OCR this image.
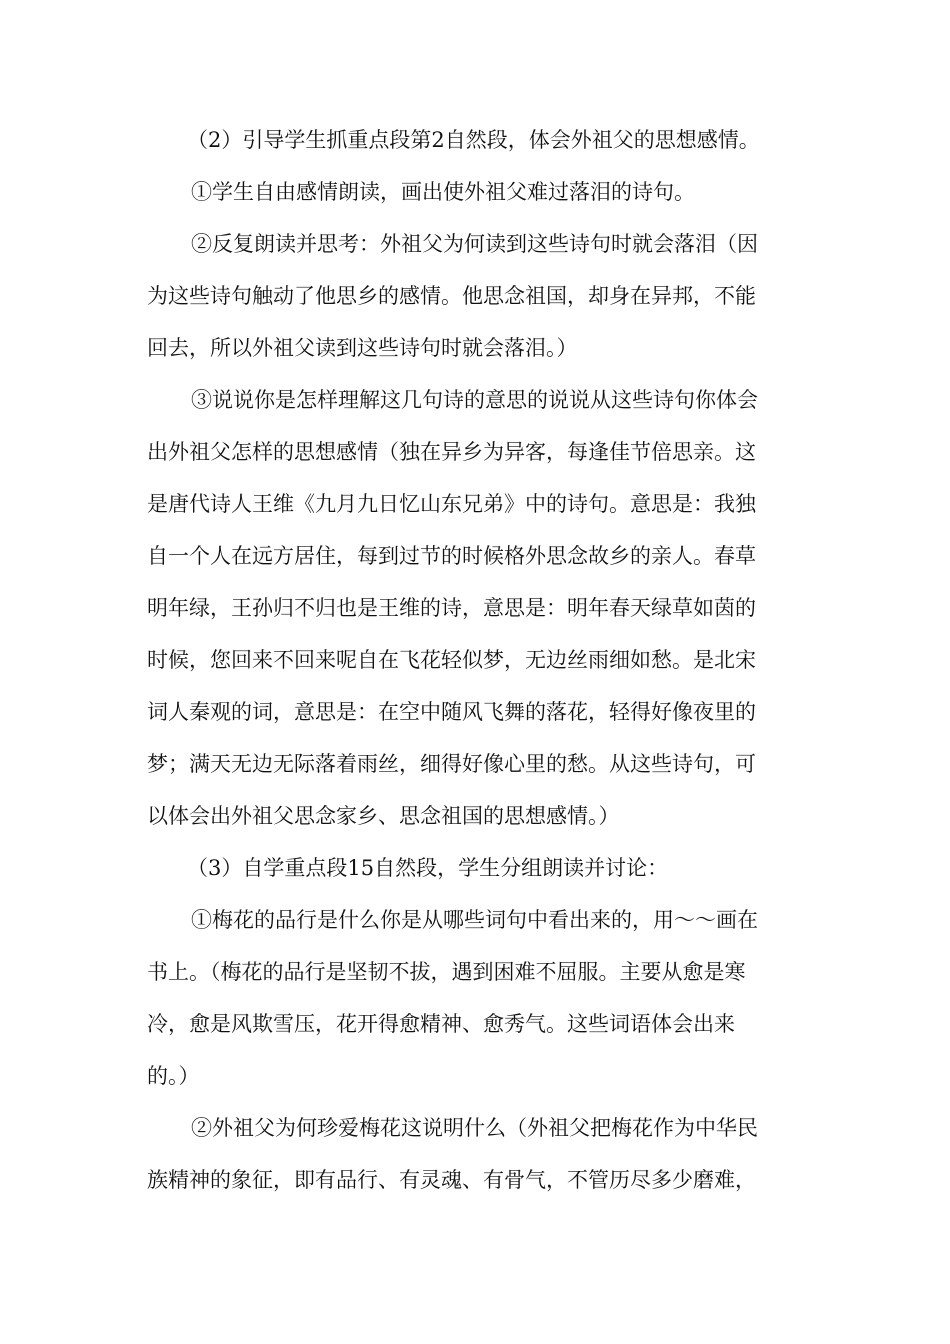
（2）引导学生抓重点段第2自然段，体会外祖父的思想感情。
①学生自由感情朗读，画出使外祖父难过落泪的诗句。
②反复朗读并思考：外祖父为何读到这些诗句时就会落泪（因
为这些诗句触动了他思乡的感情。他思念祖国，却身在异邦，不能
回去，所以外祖父读到这些诗句时就会落泪。）
③说说你是怎样理解这几句诗的意思的说说从这些诗句你体会
出外祖父怎样的思想感情（独在异乡为异客，每逢佳节倍思亲。这
是唐代诗人王维《九月九日忆山东兄弟》中的诗句。意思是：我独
自一个人在远方居住，每到过节的时候格外思念故乡的亲人。春草
明年绿，王孙归不归也是王维的诗，意思是：明年春天绿草如茵的
时候，您回来不回来呢自在飞花轻似梦，无边丝雨细如愁。是北宋
词人秦观的词，意思是：在空中随风飞舞的落花，轻得好像夜里的
梦；满天无边无际落着雨丝，细得好像心里的愁。从这些诗句，可
以体会出外祖父思念家乡、思念祖国的思想感情。）
（3）自学重点段15自然段，学生分组朗读并讨论：
①梅花的品行是什么你是从哪些词句中看出来的，用～～画在
书上。（梅花的品行是坚韧不拔，遇到困难不屈服。主要从愈是寒
冷，愈是风欺雪压，花开得愈精神、愈秀气。这些词语体会出来
的。）
②外祖父为何珍爱梅花这说明什么（外祖父把梅花作为中华民
族精神的象征，即有品行、有灵魂、有骨气，不管历尽多少磨难，
